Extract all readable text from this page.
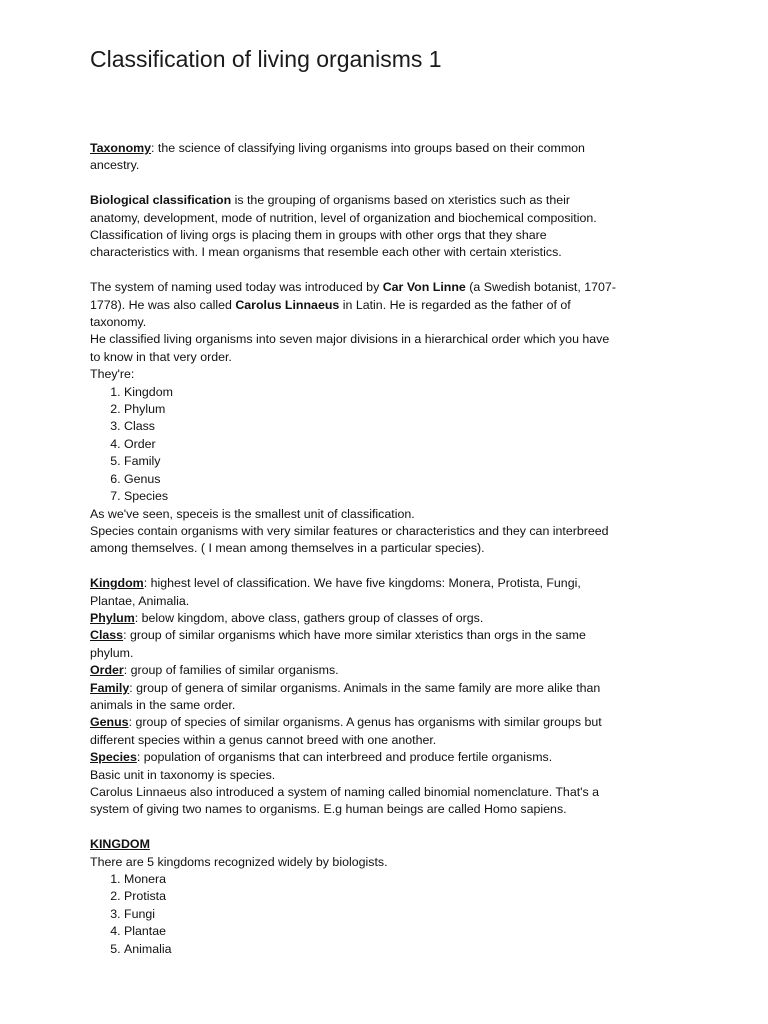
Classification of living organisms 1

Taxonomy: the science of classifying living organisms into groups based on their common ancestry.

Biological classification is the grouping of organisms based on xteristics such as their anatomy, development, mode of nutrition, level of organization and biochemical composition.

Classification of living orgs is placing them in groups with other orgs that they share characteristics with. I mean organisms that resemble each other with certain xteristics.

The system of naming used today was introduced by Car Von Linne (a Swedish botanist, 1707-1778). He was also called Carolus Linnaeus in Latin. He is regarded as the father of of taxonomy.

He classified living organisms into seven major divisions in a hierarchical order which you have to know in that very order.

They're:

1. Kingdom
2. Phylum
3. Class
4. Order
5. Family
6. Genus
7. Species

As we've seen, speceis is the smallest unit of classification.

Species contain organisms with very similar features or characteristics and they can interbreed among themselves. ( I mean among themselves in a particular species).

Kingdom: highest level of classification. We have five kingdoms: Monera, Protista, Fungi, Plantae, Animalia.

Phylum: below kingdom, above class, gathers group of classes of orgs.

Class: group of similar organisms which have more similar xteristics than orgs in the same phylum.

Order: group of families of similar organisms.

Family: group of genera of similar organisms. Animals in the same family are more alike than animals in the same order.

Genus: group of species of similar organisms. A genus has organisms with similar groups but different species within a genus cannot breed with one another.

Species: population of organisms that can interbreed and produce fertile organisms.

Basic unit in taxonomy is species.

Carolus Linnaeus also introduced a system of naming called binomial nomenclature. That's a system of giving two names to organisms. E.g human beings are called Homo sapiens.

KINGDOM

There are 5 kingdoms recognized widely by biologists.

1. Monera
2. Protista
3. Fungi
4. Plantae
5. Animalia
